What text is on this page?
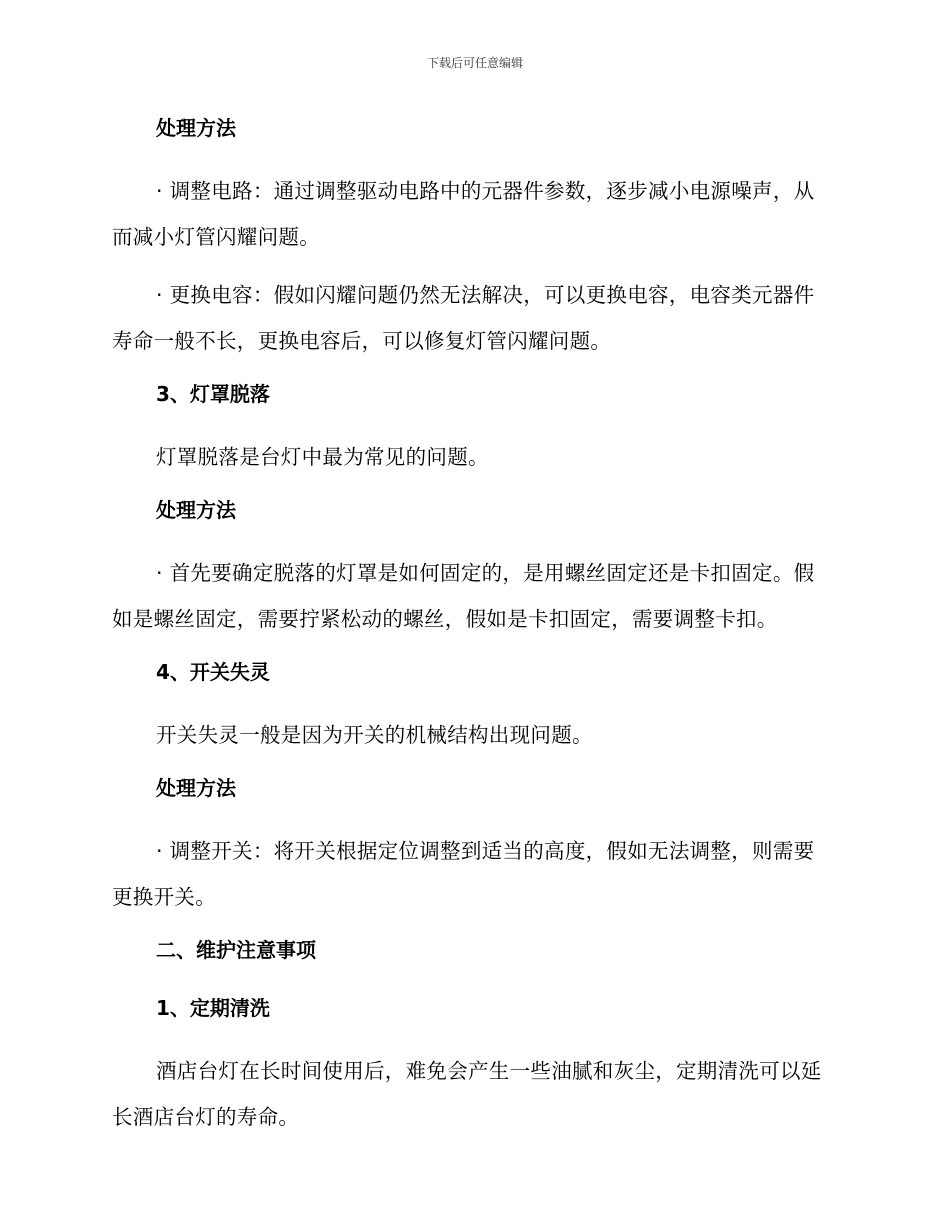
下载后可任意编辑
处理方法
· 调整电路：通过调整驱动电路中的元器件参数，逐步减小电源噪声，从而减小灯管闪耀问题。
· 更换电容：假如闪耀问题仍然无法解决，可以更换电容，电容类元器件寿命一般不长，更换电容后，可以修复灯管闪耀问题。
3、灯罩脱落
灯罩脱落是台灯中最为常见的问题。
处理方法
· 首先要确定脱落的灯罩是如何固定的，是用螺丝固定还是卡扣固定。假如是螺丝固定，需要拧紧松动的螺丝，假如是卡扣固定，需要调整卡扣。
4、开关失灵
开关失灵一般是因为开关的机械结构出现问题。
处理方法
· 调整开关：将开关根据定位调整到适当的高度，假如无法调整，则需要更换开关。
二、维护注意事项
1、定期清洗
酒店台灯在长时间使用后，难免会产生一些油腻和灰尘，定期清洗可以延长酒店台灯的寿命。
